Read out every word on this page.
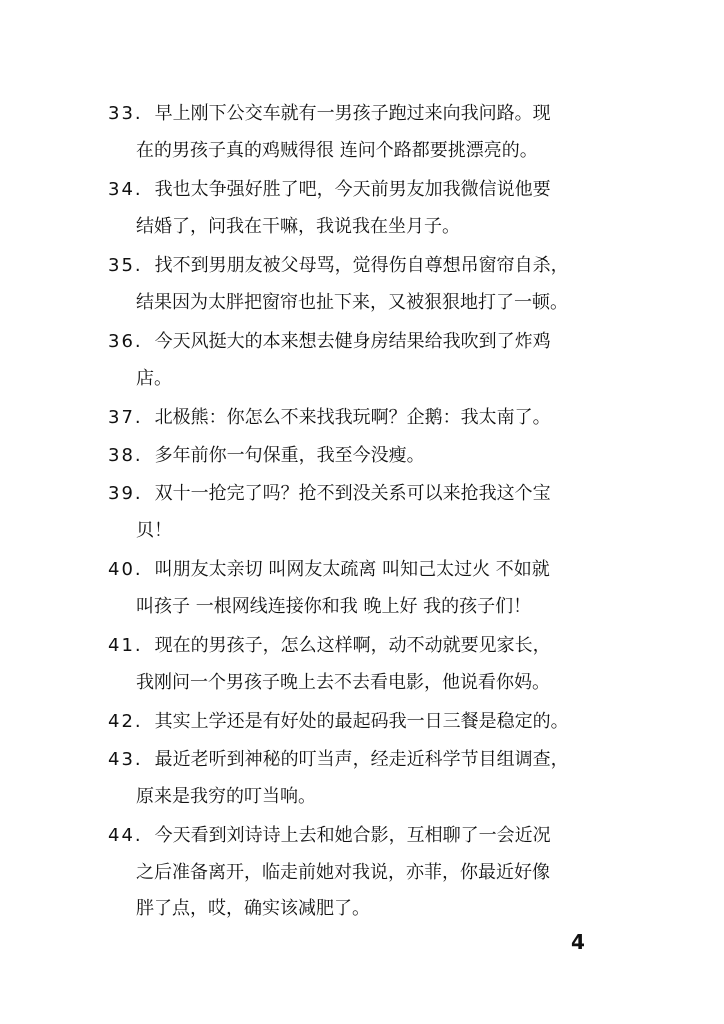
33. 早上刚下公交车就有一男孩子跑过来向我问路。现
在的男孩子真的鸡贼得很 连问个路都要挑漂亮的。
34. 我也太争强好胜了吧，今天前男友加我微信说他要
结婚了，问我在干嘛，我说我在坐月子。
35. 找不到男朋友被父母骂，觉得伤自尊想吊窗帘自杀，
结果因为太胖把窗帘也扯下来，又被狠狠地打了一顿。
36. 今天风挺大的本来想去健身房结果给我吹到了炸鸡
店。
37. 北极熊：你怎么不来找我玩啊？企鹅：我太南了。
38. 多年前你一句保重，我至今没瘦。
39. 双十一抢完了吗？抢不到没关系可以来抢我这个宝
贝！
40. 叫朋友太亲切 叫网友太疏离 叫知己太过火 不如就
叫孩子 一根网线连接你和我 晚上好 我的孩子们！
41. 现在的男孩子，怎么这样啊，动不动就要见家长，
我刚问一个男孩子晚上去不去看电影，他说看你妈。
42. 其实上学还是有好处的最起码我一日三餐是稳定的。
43. 最近老听到神秘的叮当声，经走近科学节目组调查，
原来是我穷的叮当响。
44. 今天看到刘诗诗上去和她合影，互相聊了一会近况
之后准备离开，临走前她对我说，亦菲，你最近好像
胖了点，哎，确实该减肥了。
4
